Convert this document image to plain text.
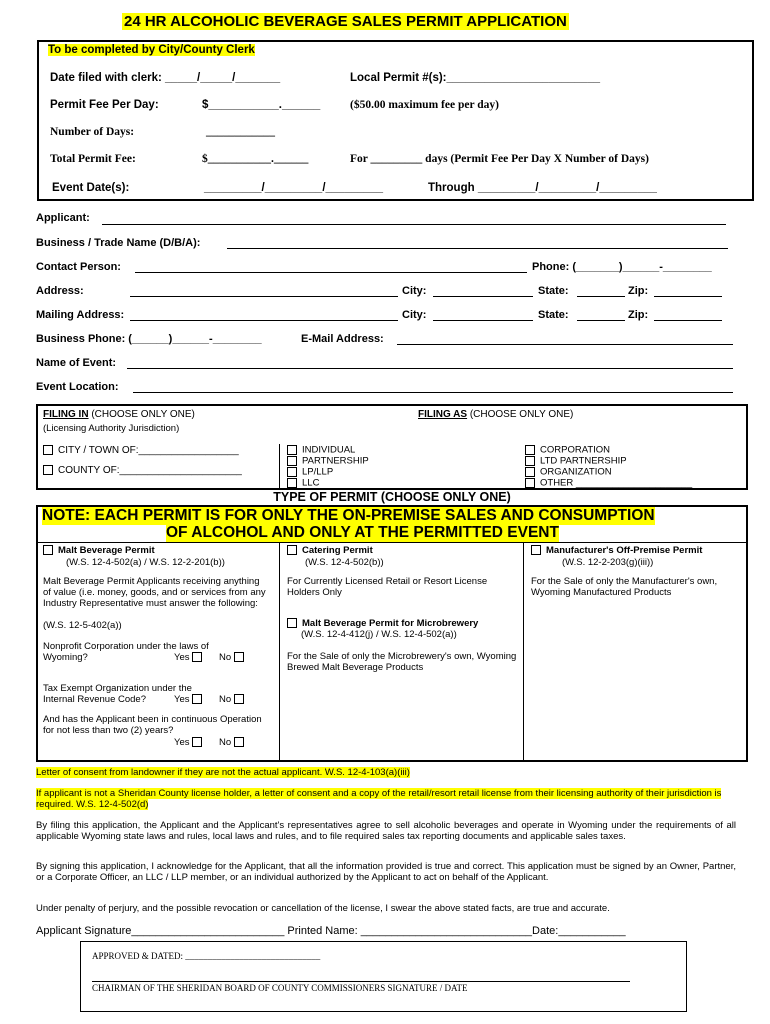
24 HR ALCOHOLIC BEVERAGE SALES PERMIT APPLICATION
To be completed by City/County Clerk
Date filed with clerk: _____/_____/_______	Local Permit #(s):________________________
Permit Fee Per Day:	$___________.______	($50.00 maximum fee per day)
Number of Days:	____________
Total Permit Fee:	$___________.______	For _________ days (Permit Fee Per Day X Number of Days)
Event Date(s):	_________/_________/_________	Through _________/_________/_________
Applicant:
Business / Trade Name (D/B/A):
Contact Person:	Phone: (_______)______-________
Address:	City:	State:	Zip:
Mailing Address:	City:	State:	Zip:
Business Phone: (______)______-________	E-Mail Address:
Name of Event:
Event Location:
FILING IN (CHOOSE ONLY ONE)
(Licensing Authority Jurisdiction)
CITY / TOWN OF:__________________
COUNTY OF:______________________
FILING AS (CHOOSE ONLY ONE)
INDIVIDUAL
PARTNERSHIP
LP/LLP
LLC
CORPORATION
LTD PARTNERSHIP
ORGANIZATION
OTHER ______________________
TYPE OF PERMIT (CHOOSE ONLY ONE)
NOTE: EACH PERMIT IS FOR ONLY THE ON-PREMISE SALES AND CONSUMPTION
OF ALCOHOL AND ONLY AT THE PERMITTED EVENT
Malt Beverage Permit
(W.S. 12-4-502(a) / W.S. 12-2-201(b))
Malt Beverage Permit Applicants receiving anything of value (i.e. money, goods, and or services from any Industry Representative must answer the following:
(W.S. 12-5-402(a))
Nonprofit Corporation under the laws of
Wyoming?	Yes	No
Tax Exempt Organization under the
Internal Revenue Code?	Yes	No
And has the Applicant been in continuous Operation for not less than two (2) years?
Yes	No
Catering Permit
(W.S. 12-4-502(b))
For Currently Licensed Retail or Resort License Holders Only
Malt Beverage Permit for Microbrewery
(W.S. 12-4-412(j) / W.S. 12-4-502(a))
For the Sale of only the Microbrewery's own, Wyoming Brewed Malt Beverage Products
Manufacturer's Off-Premise Permit
(W.S. 12-2-203(g)(iii))
For the Sale of only the Manufacturer's own, Wyoming Manufactured Products
Letter of consent from landowner if they are not the actual applicant. W.S. 12-4-103(a)(iii)
If applicant is not a Sheridan County license holder, a letter of consent and a copy of the retail/resort retail license from their licensing authority of their jurisdiction is required. W.S. 12-4-502(d)
By filing this application, the Applicant and the Applicant's representatives agree to sell alcoholic beverages and operate in Wyoming under the requirements of all applicable Wyoming state laws and rules, local laws and rules, and to file required sales tax reporting documents and applicable sales taxes.
By signing this application, I acknowledge for the Applicant, that all the information provided is true and correct. This application must be signed by an Owner, Partner, or a Corporate Officer, an LLC / LLP member, or an individual authorized by the Applicant to act on behalf of the Applicant.
Under penalty of perjury, and the possible revocation or cancellation of the license, I swear the above stated facts, are true and accurate.
Applicant Signature_________________________ Printed Name: ____________________________Date:___________
APPROVED & DATED: ______________________________
CHAIRMAN OF THE SHERIDAN BOARD OF COUNTY COMMISSIONERS SIGNATURE / DATE
